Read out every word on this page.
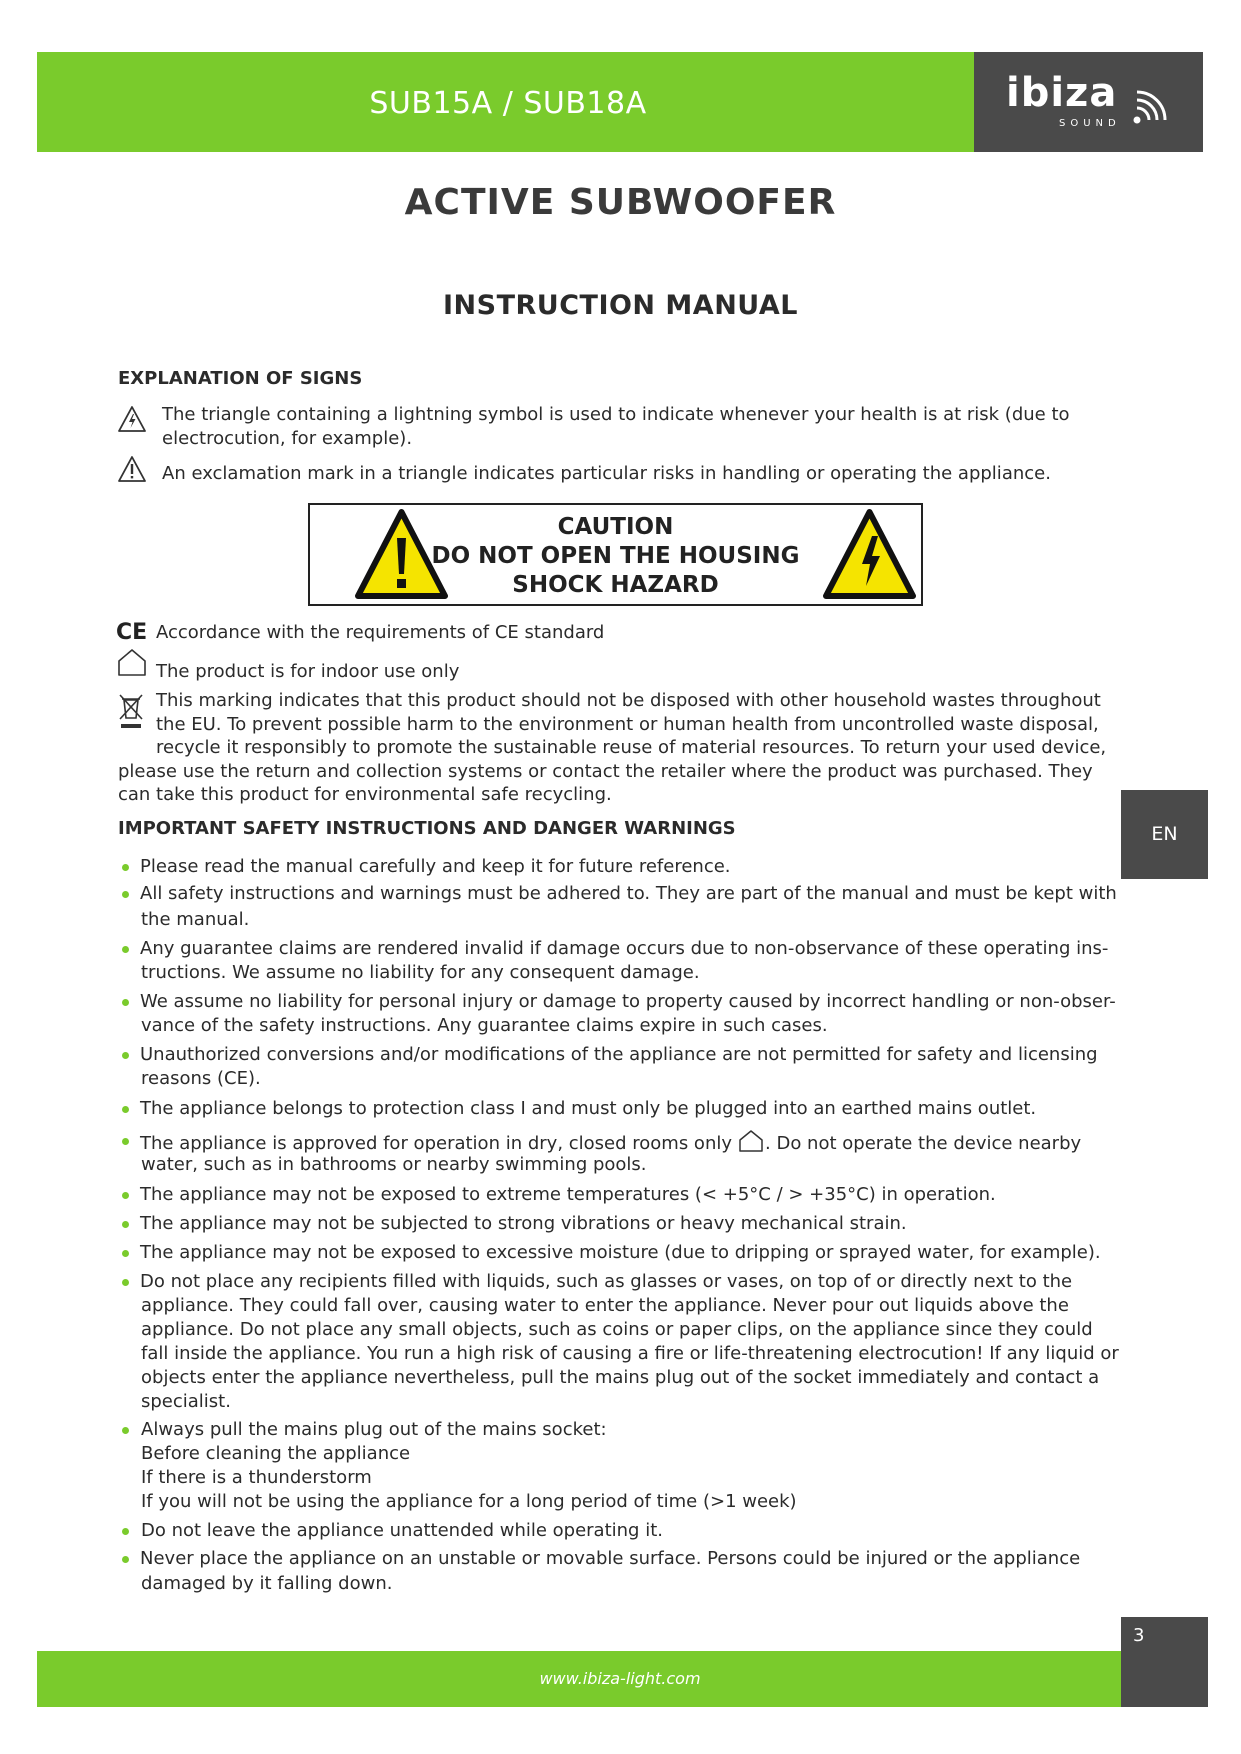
SUB15A / SUB18A	ibiza
SOUND
ACTIVE SUBWOOFER
INSTRUCTION MANUAL
EXPLANATION OF SIGNS
The triangle containing a lightning symbol is used to indicate whenever your health is at risk (due to
electrocution, for example).
An exclamation mark in a triangle indicates particular risks in handling or operating the appliance.
CAUTION
DO NOT OPEN THE HOUSING
SHOCK HAZARD
CE Accordance with the requirements of CE standard
The product is for indoor use only
This marking indicates that this product should not be disposed with other household wastes throughout
the EU. To prevent possible harm to the environment or human health from uncontrolled waste disposal,
recycle it responsibly to promote the sustainable reuse of material resources. To return your used device,
please use the return and collection systems or contact the retailer where the product was purchased. They
can take this product for environmental safe recycling.
IMPORTANT SAFETY INSTRUCTIONS AND DANGER WARNINGS
Please read the manual carefully and keep it for future reference.
All safety instructions and warnings must be adhered to. They are part of the manual and must be kept with
the manual.
Any guarantee claims are rendered invalid if damage occurs due to non-observance of these operating ins-
tructions. We assume no liability for any consequent damage.
We assume no liability for personal injury or damage to property caused by incorrect handling or non-obser-
vance of the safety instructions. Any guarantee claims expire in such cases.
Unauthorized conversions and/or modifications of the appliance are not permitted for safety and licensing
reasons (CE).
The appliance belongs to protection class I and must only be plugged into an earthed mains outlet.
The appliance is approved for operation in dry, closed rooms only . Do not operate the device nearby
water, such as in bathrooms or nearby swimming pools.
The appliance may not be exposed to extreme temperatures (< +5°C / > +35°C) in operation.
The appliance may not be subjected to strong vibrations or heavy mechanical strain.
The appliance may not be exposed to excessive moisture (due to dripping or sprayed water, for example).
Do not place any recipients filled with liquids, such as glasses or vases, on top of or directly next to the
appliance. They could fall over, causing water to enter the appliance. Never pour out liquids above the
appliance. Do not place any small objects, such as coins or paper clips, on the appliance since they could
fall inside the appliance. You run a high risk of causing a fire or life-threatening electrocution! If any liquid or
objects enter the appliance nevertheless, pull the mains plug out of the socket immediately and contact a
specialist.
Always pull the mains plug out of the mains socket:
Before cleaning the appliance
If there is a thunderstorm
If you will not be using the appliance for a long period of time (>1 week)
Do not leave the appliance unattended while operating it.
Never place the appliance on an unstable or movable surface. Persons could be injured or the appliance
damaged by it falling down.
EN
www.ibiza-light.com
3
